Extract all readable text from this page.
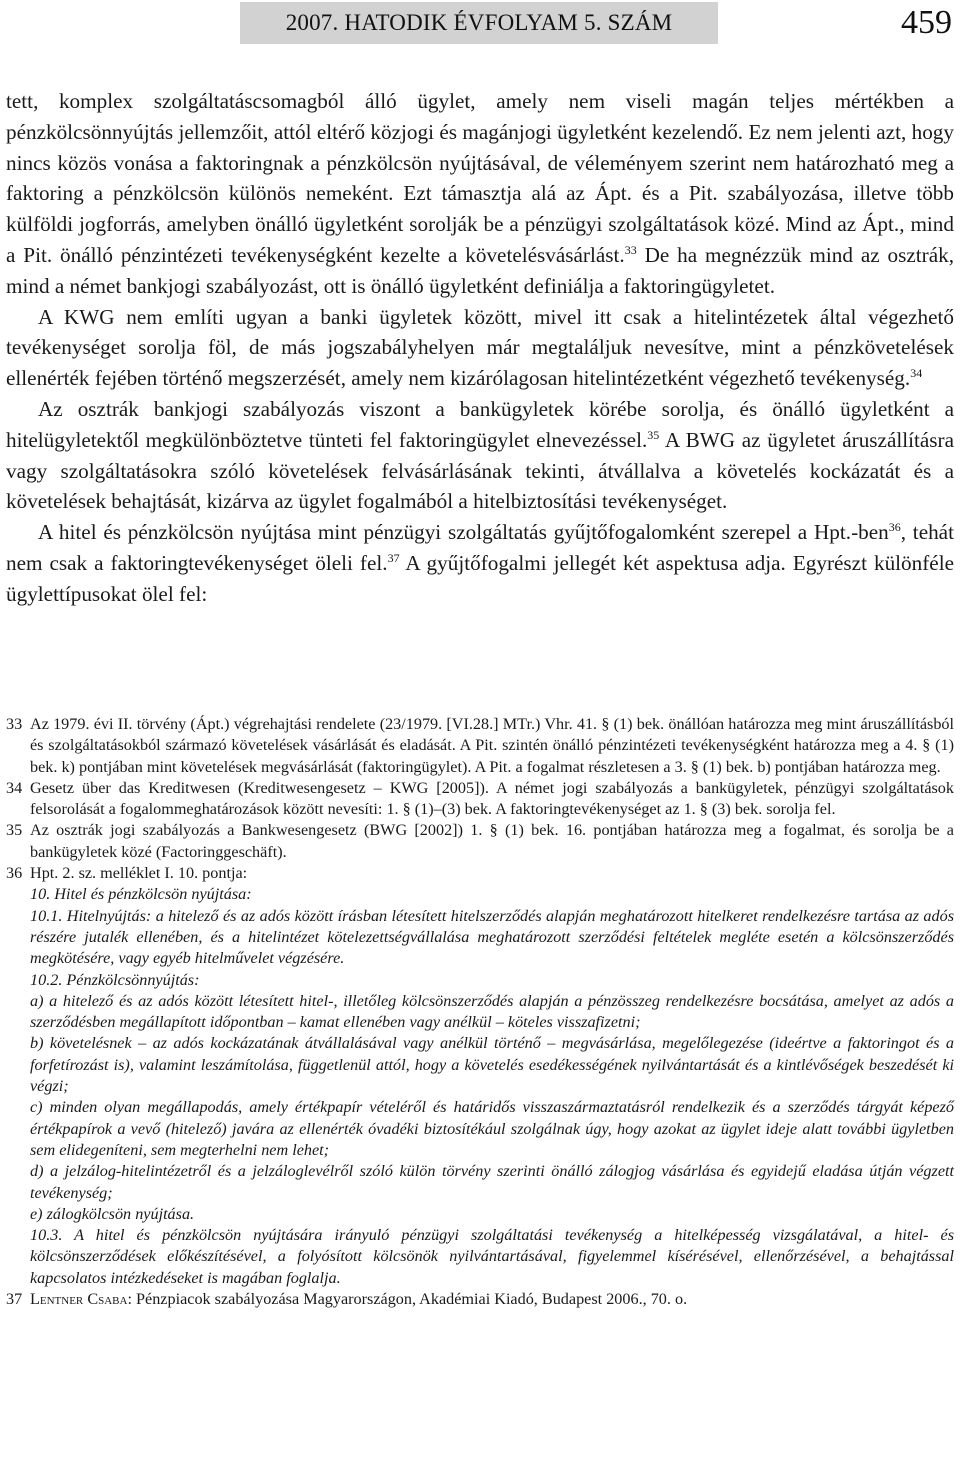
2007. HATODIK ÉVFOLYAM 5. SZÁM	459

tett, komplex szolgáltatáscsomagból álló ügylet, amely nem viseli magán teljes mértékben a pénzkölcsönnyújtás jellemzőit, attól eltérő közjogi és magánjogi ügyletként kezelendő. Ez nem jelenti azt, hogy nincs közös vonása a faktoringnak a pénzkölcsön nyújtásával, de véleményem szerint nem határozható meg a faktoring a pénzkölcsön különös nemeként. Ezt támasztja alá az Ápt. és a Pit. szabályozása, illetve több külföldi jogforrás, amelyben önálló ügyletként sorolják be a pénzügyi szolgáltatások közé. Mind az Ápt., mind a Pit. önálló pénzintézeti tevékenységként kezelte a követelésvásárlást.$^{33}$ De ha megnézzük mind az osztrák, mind a német bankjogi szabályozást, ott is önálló ügyletként definiálja a faktoringügyletet.

A KWG nem említi ugyan a banki ügyletek között, mivel itt csak a hitelintézetek által végezhető tevékenységet sorolja föl, de más jogszabályhelyen már megtaláljuk nevesítve, mint a pénzkövetelések ellenérték fejében történő megszerzését, amely nem kizárólagosan hitelintézetként végezhető tevékenység.$^{34}$

Az osztrák bankjogi szabályozás viszont a bankügyletek körébe sorolja, és önálló ügyletként a hitelügyletektől megkülönböztetve tünteti fel faktoringügylet elnevezéssel.$^{35}$ A BWG az ügyletet áruszállításra vagy szolgáltatásokra szóló követelések felvásárlásának tekinti, átvállalva a követelés kockázatát és a követelések behajtását, kizárva az ügylet fogalmából a hitelbiztosítási tevékenységet.

A hitel és pénzkölcsön nyújtása mint pénzügyi szolgáltatás gyűjtőfogalomként szerepel a Hpt.-ben$^{36}$, tehát nem csak a faktoringtevékenységet öleli fel.$^{37}$ A gyűjtőfogalmi jellegét két aspektusa adja. Egyrészt különféle ügylettípusokat ölel fel:

33 Az 1979. évi II. törvény (Ápt.) végrehajtási rendelete (23/1979. [VI.28.] MTr.) Vhr. 41. § (1) bek. önállóan határozza meg mint áruszállításból és szolgáltatásokból származó követelések vásárlását és eladását. A Pit. szintén önálló pénzintézeti tevékenységként határozza meg a 4. § (1) bek. k) pontjában mint követelések megvásárlását (faktoringügylet). A Pit. a fogalmat részletesen a 3. § (1) bek. b) pontjában határozza meg.

34 Gesetz über das Kreditwesen (Kreditwesengesetz – KWG [2005]). A német jogi szabályozás a bankügyletek, pénzügyi szolgáltatások felsorolását a fogalommeghatározások között nevesíti: 1. § (1)–(3) bek. A faktoringtevékenységet az 1. § (3) bek. sorolja fel.

35 Az osztrák jogi szabályozás a Bankwesengesetz (BWG [2002]) 1. § (1) bek. 16. pontjában határozza meg a fogalmat, és sorolja be a bankügyletek közé (Factoringgeschäft).

36 Hpt. 2. sz. melléklet I. 10. pontja:

10. Hitel és pénzkölcsön nyújtása:

10.1. Hitelnyújtás: a hitelező és az adós között írásban létesített hitelszerződés alapján meghatározott hitelkeret rendelkezésre tartása az adós részére jutalék ellenében, és a hitelintézet kötelezettségvállalása meghatározott szerződési feltételek megléte esetén a kölcsönszerződés megkötésére, vagy egyéb hitelművelet végzésére.

10.2. Pénzkölcsönnyújtás:

a) a hitelező és az adós között létesített hitel-, illetőleg kölcsönszerződés alapján a pénzösszeg rendelkezésre bocsátása, amelyet az adós a szerződésben megállapított időpontban – kamat ellenében vagy anélkül – köteles visszafizetni;

b) követelésnek – az adós kockázatának átvállalásával vagy anélkül történő – megvásárlása, megelőlegezése (ideértve a faktoringot és a forfetírozást is), valamint leszámítolása, függetlenül attól, hogy a követelés esedékességének nyilvántartását és a kintlévőségek beszedését ki végzi;

c) minden olyan megállapodás, amely értékpapír vételéről és határidős visszaszármaztatásról rendelkezik és a szerződés tárgyát képező értékpapírok a vevő (hitelező) javára az ellenérték óvadéki biztosítékául szolgálnak úgy, hogy azokat az ügylet ideje alatt további ügyletben sem elidegeníteni, sem megterhelni nem lehet;

d) a jelzálog-hitelintézetről és a jelzáloglevélről szóló külön törvény szerinti önálló zálogjog vásárlása és egyidejű eladása útján végzett tevékenység;

e) zálogkölcsön nyújtása.

10.3. A hitel és pénzkölcsön nyújtására irányuló pénzügyi szolgáltatási tevékenység a hitelképesség vizsgálatával, a hitel- és kölcsönszerződések előkészítésével, a folyósított kölcsönök nyilvántartásával, figyelemmel kísérésével, ellenőrzésével, a behajtással kapcsolatos intézkedéseket is magában foglalja.

37 Lentner Csaba: Pénzpiacok szabályozása Magyarországon, Akadémiai Kiadó, Budapest 2006., 70. o.
